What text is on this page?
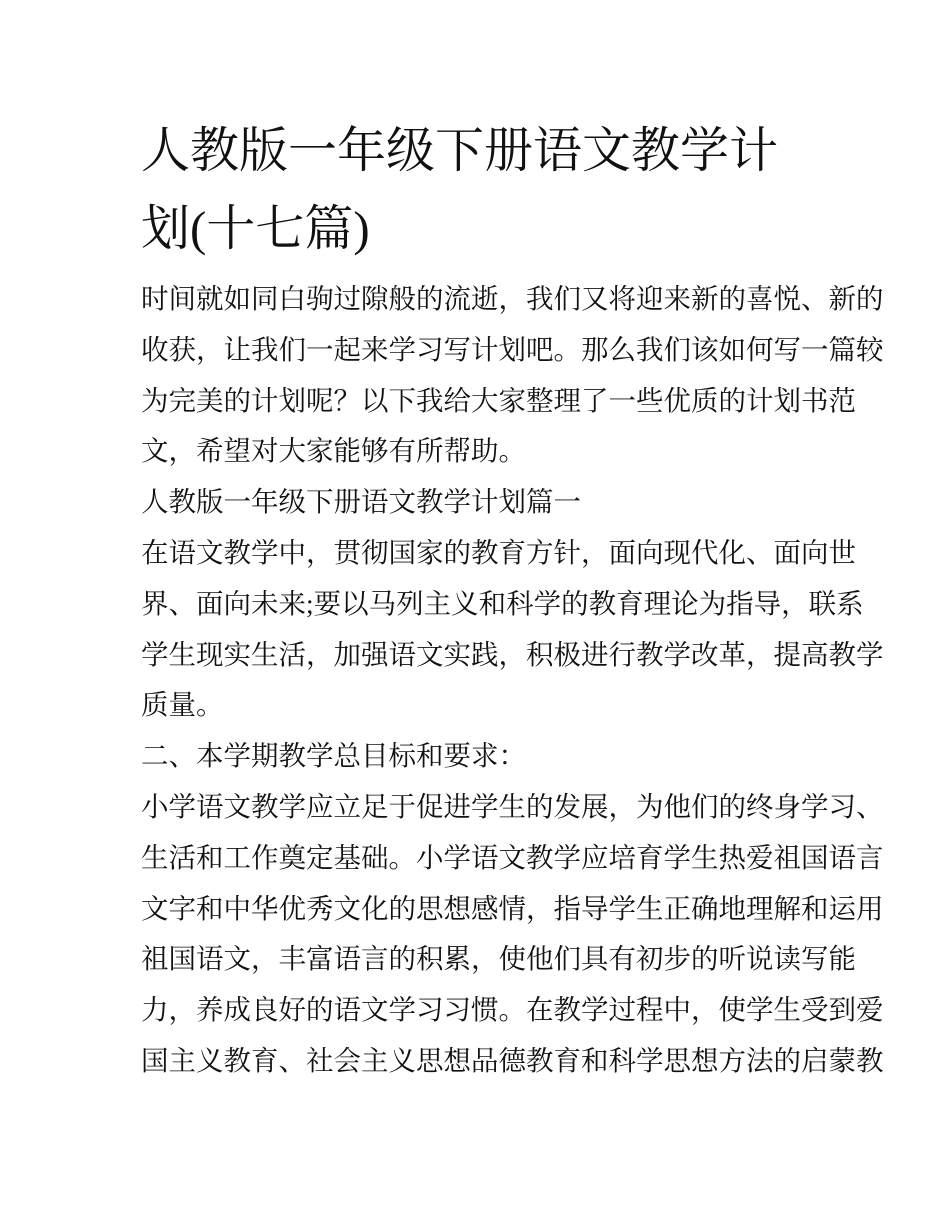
人教版一年级下册语文教学计
划(十七篇)
时间就如同白驹过隙般的流逝，我们又将迎来新的喜悦、新的
收获，让我们一起来学习写计划吧。那么我们该如何写一篇较
为完美的计划呢？以下我给大家整理了一些优质的计划书范
文，希望对大家能够有所帮助。
人教版一年级下册语文教学计划篇一
在语文教学中，贯彻国家的教育方针，面向现代化、面向世
界、面向未来;要以马列主义和科学的教育理论为指导，联系
学生现实生活，加强语文实践，积极进行教学改革，提高教学
质量。
二、本学期教学总目标和要求：
小学语文教学应立足于促进学生的发展，为他们的终身学习、
生活和工作奠定基础。小学语文教学应培育学生热爱祖国语言
文字和中华优秀文化的思想感情，指导学生正确地理解和运用
祖国语文，丰富语言的积累，使他们具有初步的听说读写能
力，养成良好的语文学习习惯。在教学过程中，使学生受到爱
国主义教育、社会主义思想品德教育和科学思想方法的启蒙教
